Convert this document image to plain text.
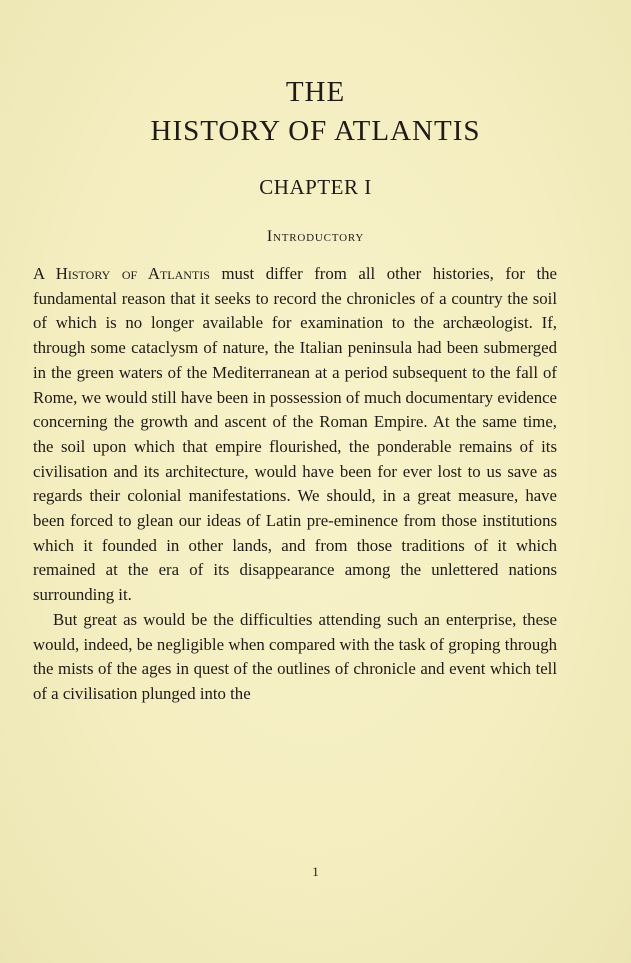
THE
HISTORY OF ATLANTIS
CHAPTER I
Introductory

A History of Atlantis must differ from all other histories, for the fundamental reason that it seeks to record the chronicles of a country the soil of which is no longer available for examination to the archæologist. If, through some cataclysm of nature, the Italian peninsula had been submerged in the green waters of the Mediterranean at a period subsequent to the fall of Rome, we would still have been in possession of much documentary evidence concerning the growth and ascent of the Roman Empire. At the same time, the soil upon which that empire flourished, the ponderable remains of its civilisation and its architecture, would have been for ever lost to us save as regards their colonial manifestations. We should, in a great measure, have been forced to glean our ideas of Latin pre-eminence from those institutions which it founded in other lands, and from those traditions of it which remained at the era of its disappearance among the unlettered nations surrounding it.

But great as would be the difficulties attending such an enterprise, these would, indeed, be negligible when compared with the task of groping through the mists of the ages in quest of the outlines of chronicle and event which tell of a civilisation plunged into the

1
